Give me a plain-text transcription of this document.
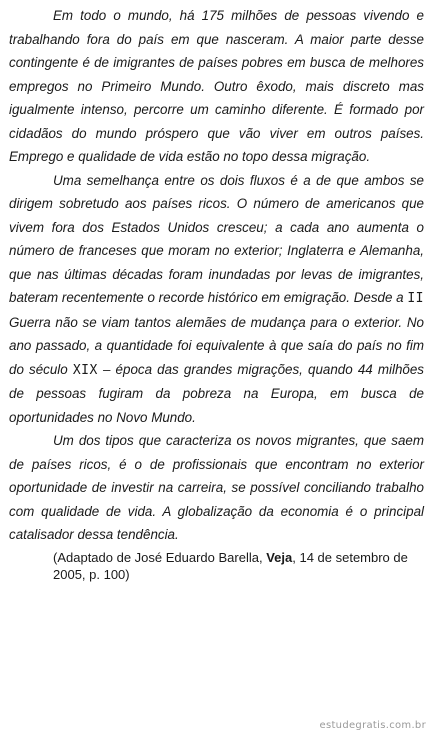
Em todo o mundo, há 175 milhões de pessoas vivendo e trabalhando fora do país em que nasceram. A maior parte desse contingente é de imigrantes de países pobres em busca de melhores empregos no Primeiro Mundo. Outro êxodo, mais discreto mas igualmente intenso, percorre um caminho diferente. É formado por cidadãos do mundo próspero que vão viver em outros países. Emprego e qualidade de vida estão no topo dessa migração.

Uma semelhança entre os dois fluxos é a de que ambos se dirigem sobretudo aos países ricos. O número de americanos que vivem fora dos Estados Unidos cresceu; a cada ano aumenta o número de franceses que moram no exterior; Inglaterra e Alemanha, que nas últimas décadas foram inundadas por levas de imigrantes, bateram recentemente o recorde histórico em emigração. Desde a II Guerra não se viam tantos alemães de mudança para o exterior. No ano passado, a quantidade foi equivalente à que saía do país no fim do século XIX – época das grandes migrações, quando 44 milhões de pessoas fugiram da pobreza na Europa, em busca de oportunidades no Novo Mundo.

Um dos tipos que caracteriza os novos migrantes, que saem de países ricos, é o de profissionais que encontram no exterior oportunidade de investir na carreira, se possível conciliando trabalho com qualidade de vida. A globalização da economia é o principal catalisador dessa tendência.

(Adaptado de José Eduardo Barella, Veja, 14 de setembro de 2005, p. 100)

estudegratis.com.br
